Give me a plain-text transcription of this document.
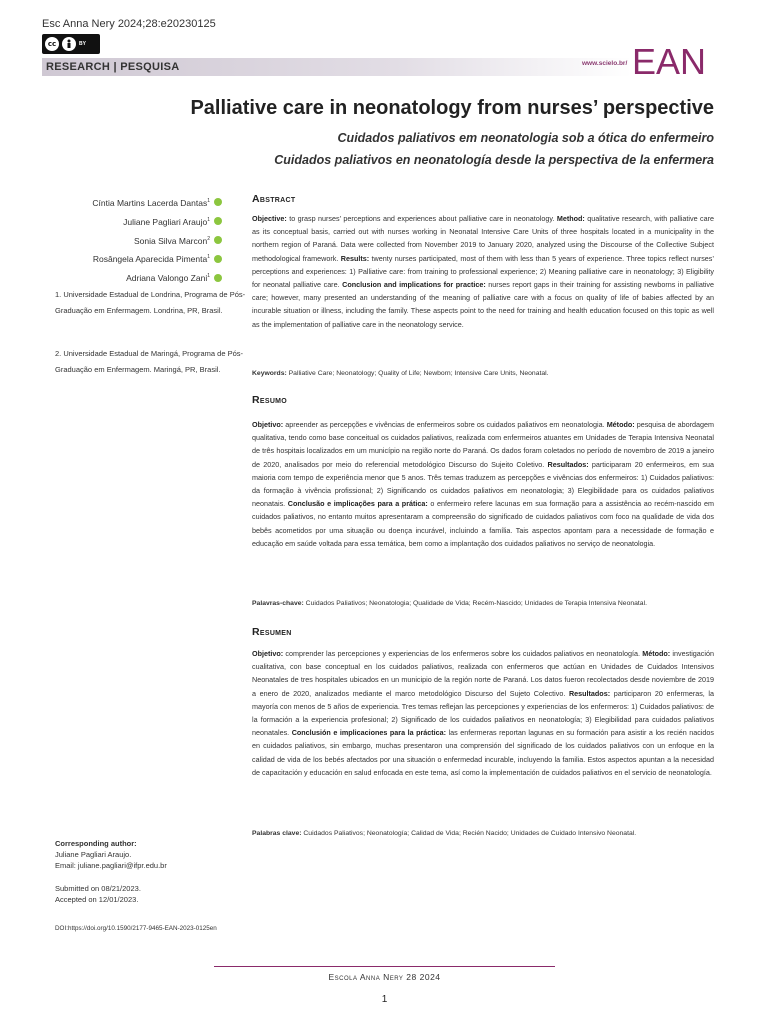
Esc Anna Nery 2024;28:e20230125
cc	BY
RESEARCH | PESQUISA	www.scielo.br/ EAN
Palliative care in neonatology from nurses’ perspective
Cuidados paliativos em neonatologia sob a ótica do enfermeiro
Cuidados paliativos en neonatología desde la perspectiva de la enfermera
Cíntia Martins Lacerda Dantas$^1$
Juliane Pagliari Araujo$^1$
Sonia Silva Marcon$^2$
Rosângela Aparecida Pimenta$^1$
Adriana Valongo Zani$^1$
1. Universidade Estadual de Londrina, Programa de Pós-Graduação em Enfermagem. Londrina, PR, Brasil.
2. Universidade Estadual de Maringá, Programa de Pós-Graduação em Enfermagem. Maringá, PR, Brasil.
Corresponding author:
Juliane Pagliari Araujo.
Email: juliane.pagliari@ifpr.edu.br
Submitted on 08/21/2023.
Accepted on 12/01/2023.
DOI:https://doi.org/10.1590/2177-9465-EAN-2023-0125en
Abstract
Objective: to grasp nurses’ perceptions and experiences about palliative care in neonatology. Method: qualitative research, with palliative care as its conceptual basis, carried out with nurses working in Neonatal Intensive Care Units of three hospitals located in a municipality in the northern region of Paraná. Data were collected from November 2019 to January 2020, analyzed using the Discourse of the Collective Subject methodological framework. Results: twenty nurses participated, most of them with less than 5 years of experience. Three topics reflect nurses’ perceptions and experiences: 1) Palliative care: from training to professional experience; 2) Meaning palliative care in neonatology; 3) Eligibility for neonatal palliative care. Conclusion and implications for practice: nurses report gaps in their training for assisting newborns in palliative care; however, many presented an understanding of the meaning of palliative care with a focus on quality of life of babies affected by an incurable situation or illness, including the family. These aspects point to the need for training and health education focused on this topic as well as the implementation of palliative care in the neonatology service.
Keywords: Palliative Care; Neonatology; Quality of Life; Newborn; Intensive Care Units, Neonatal.
Resumo
Objetivo: apreender as percepções e vivências de enfermeiros sobre os cuidados paliativos em neonatologia. Método: pesquisa de abordagem qualitativa, tendo como base conceitual os cuidados paliativos, realizada com enfermeiros atuantes em Unidades de Terapia Intensiva Neonatal de três hospitais localizados em um município na região norte do Paraná. Os dados foram coletados no período de novembro de 2019 a janeiro de 2020, analisados por meio do referencial metodológico Discurso do Sujeito Coletivo. Resultados: participaram 20 enfermeiros, em sua maioria com tempo de experiência menor que 5 anos. Três temas traduzem as percepções e vivências dos enfermeiros: 1) Cuidados paliativos: da formação à vivência profissional; 2) Significando os cuidados paliativos em neonatologia; 3) Elegibilidade para os cuidados paliativos neonatais. Conclusão e implicações para a prática: o enfermeiro refere lacunas em sua formação para a assistência ao recém-nascido em cuidados paliativos, no entanto muitos apresentaram a compreensão do significado de cuidados paliativos com foco na qualidade de vida dos bebês acometidos por uma situação ou doença incurável, incluindo a família. Tais aspectos apontam para a necessidade de formação e educação em saúde voltada para essa temática, bem como a implantação dos cuidados paliativos no serviço de neonatologia.
Palavras-chave: Cuidados Paliativos; Neonatologia; Qualidade de Vida; Recém-Nascido; Unidades de Terapia Intensiva Neonatal.
Resumen
Objetivo: comprender las percepciones y experiencias de los enfermeros sobre los cuidados paliativos en neonatología. Método: investigación cualitativa, con base conceptual en los cuidados paliativos, realizada con enfermeros que actúan en Unidades de Cuidados Intensivos Neonatales de tres hospitales ubicados en un municipio de la región norte de Paraná. Los datos fueron recolectados desde noviembre de 2019 a enero de 2020, analizados mediante el marco metodológico Discurso del Sujeto Colectivo. Resultados: participaron 20 enfermeras, la mayoría con menos de 5 años de experiencia. Tres temas reflejan las percepciones y experiencias de los enfermeros: 1) Cuidados paliativos: de la formación a la experiencia profesional; 2) Significado de los cuidados paliativos en neonatología; 3) Elegibilidad para cuidados paliativos neonatales. Conclusión e implicaciones para la práctica: las enfermeras reportan lagunas en su formación para asistir a los recién nacidos en cuidados paliativos, sin embargo, muchas presentaron una comprensión del significado de los cuidados paliativos con un enfoque en la calidad de vida de los bebés afectados por una situación o enfermedad incurable, incluyendo la familia. Estos aspectos apuntan a la necesidad de capacitación y educación en salud enfocada en este tema, así como la implementación de cuidados paliativos en el servicio de neonatología.
Palabras clave: Cuidados Paliativos; Neonatología; Calidad de Vida; Recién Nacido; Unidades de Cuidado Intensivo Neonatal.
Escola Anna Nery 28 2024
1
